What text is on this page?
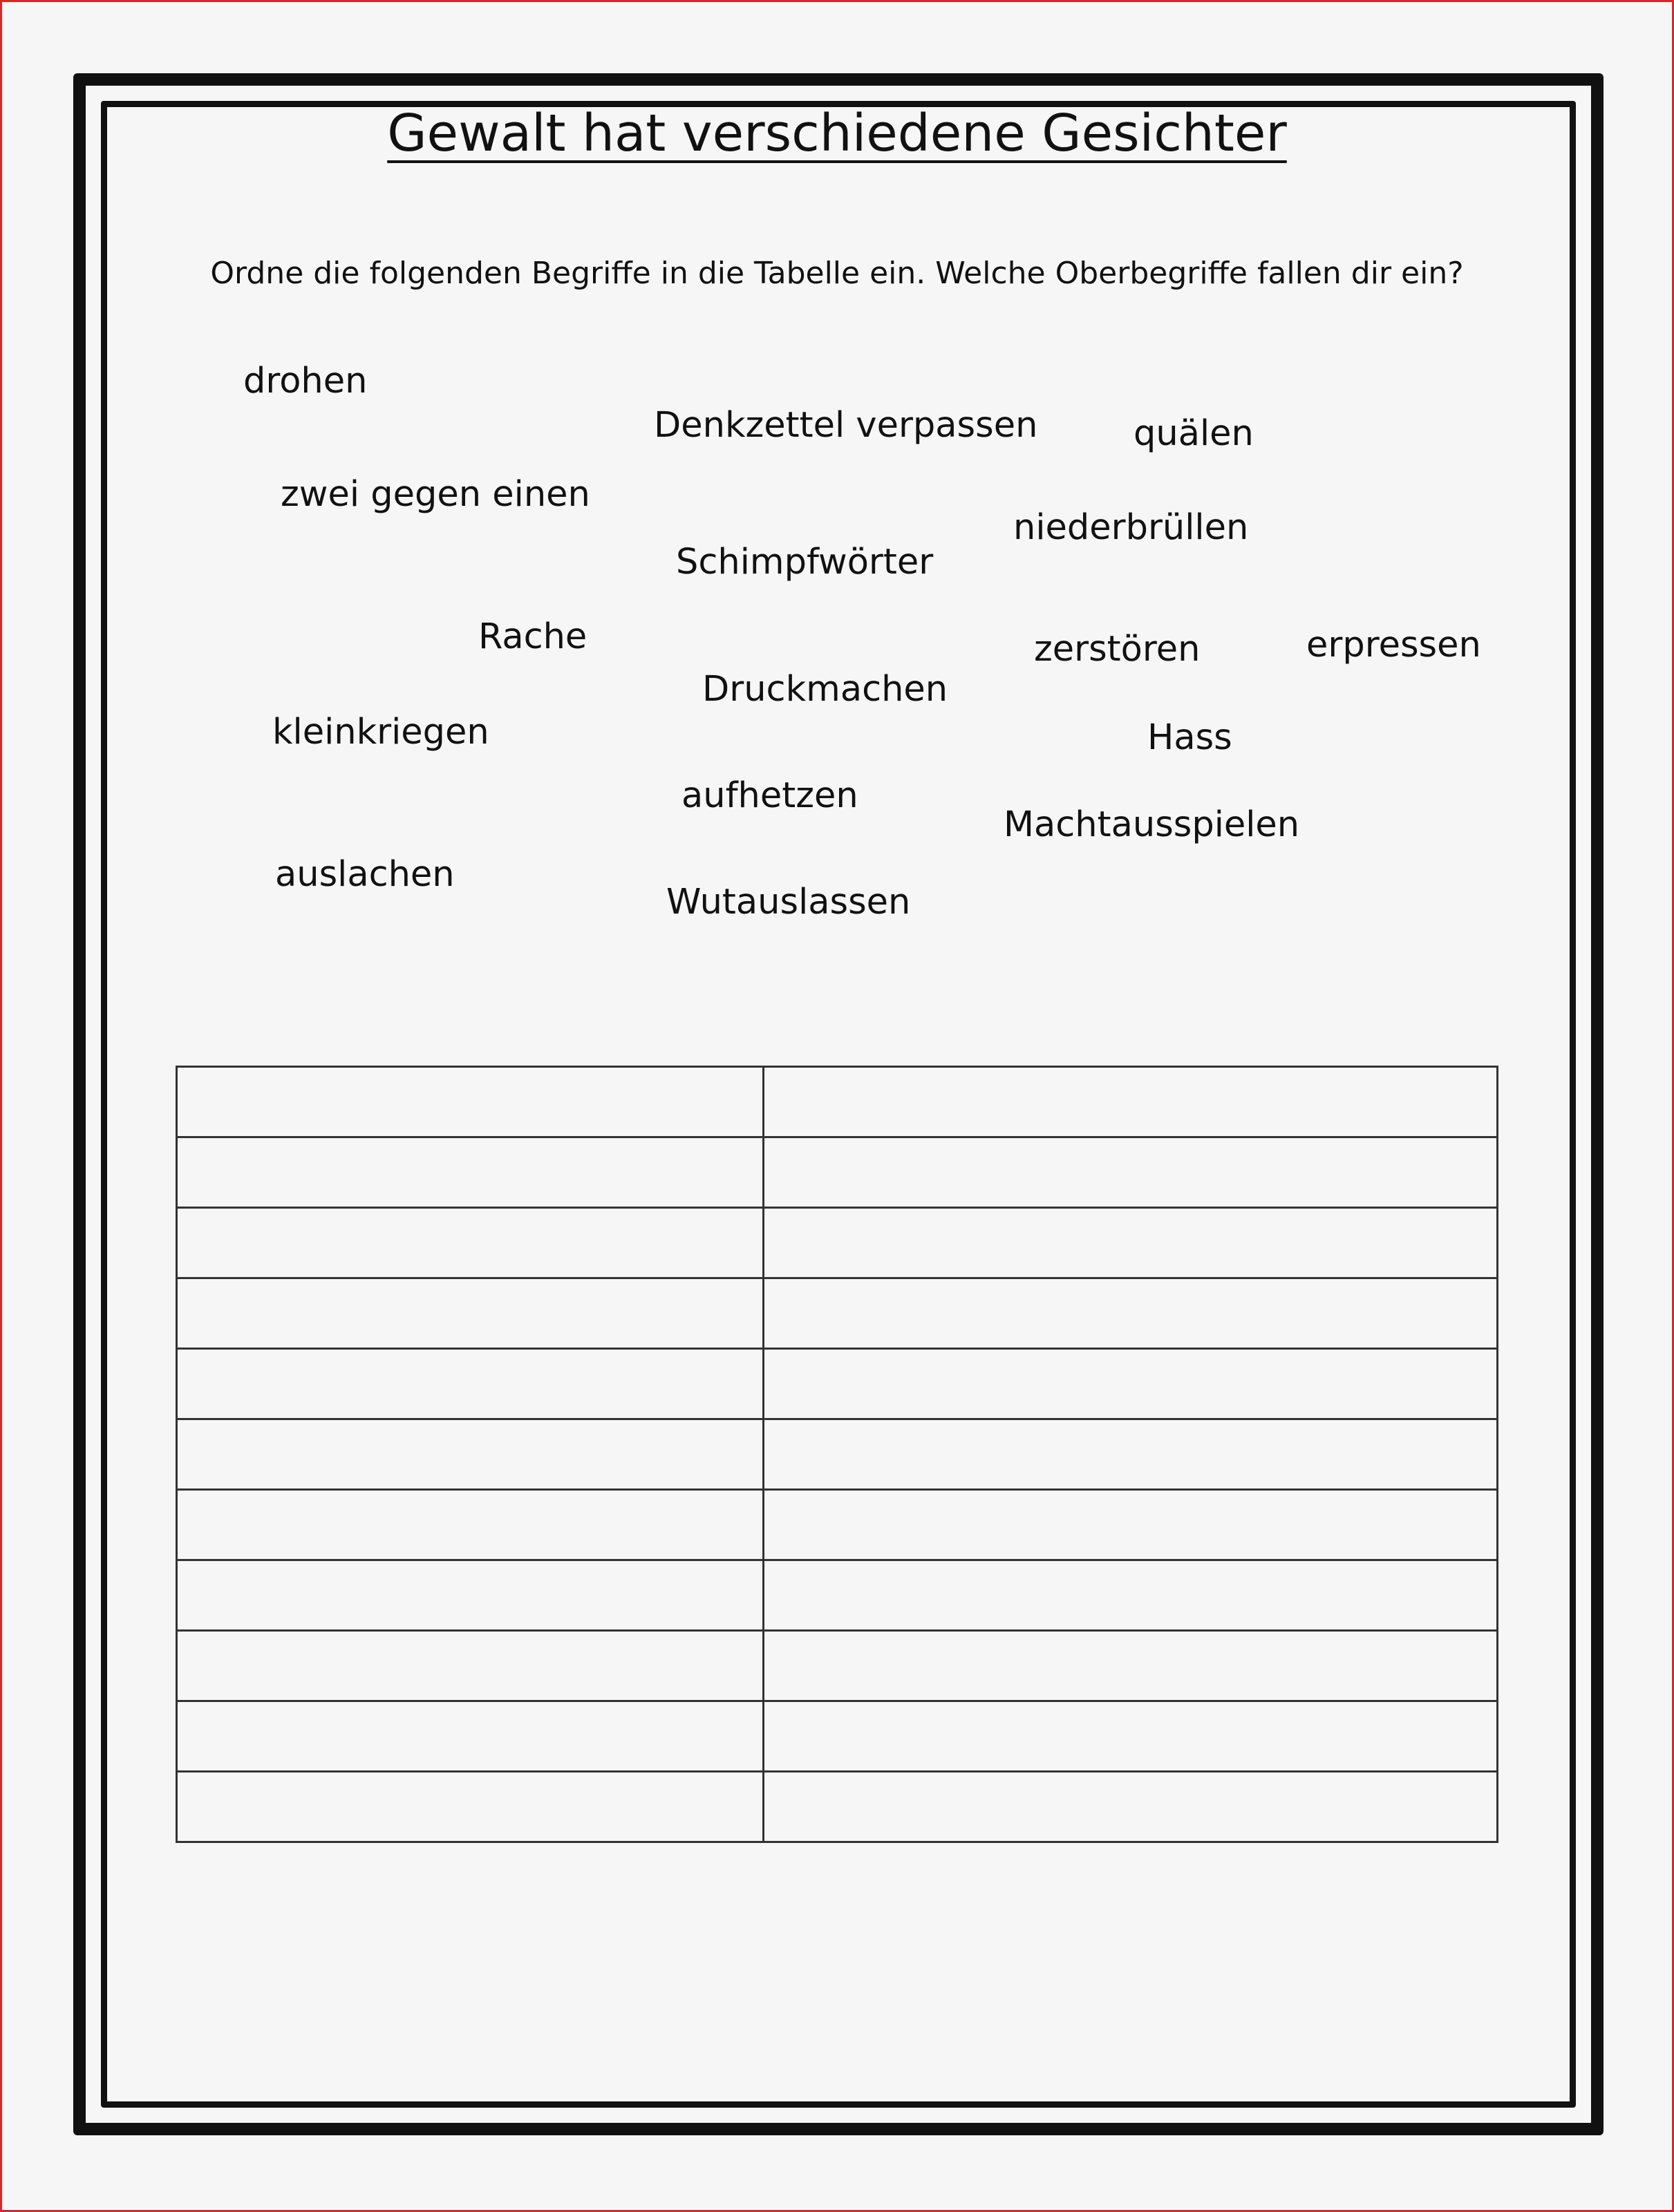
Gewalt hat verschiedene Gesichter

Ordne die folgenden Begriffe in die Tabelle ein. Welche Oberbegriffe fallen dir ein?

drohen
Denkzettel verpassen	quälen
zwei gegen einen
niederbrüllen
Schimpfwörter
Rache	zerstören	erpressen
Druckmachen
kleinkriegen	Hass
aufhetzen
Machtausspielen
auslachen
Wutauslassen
